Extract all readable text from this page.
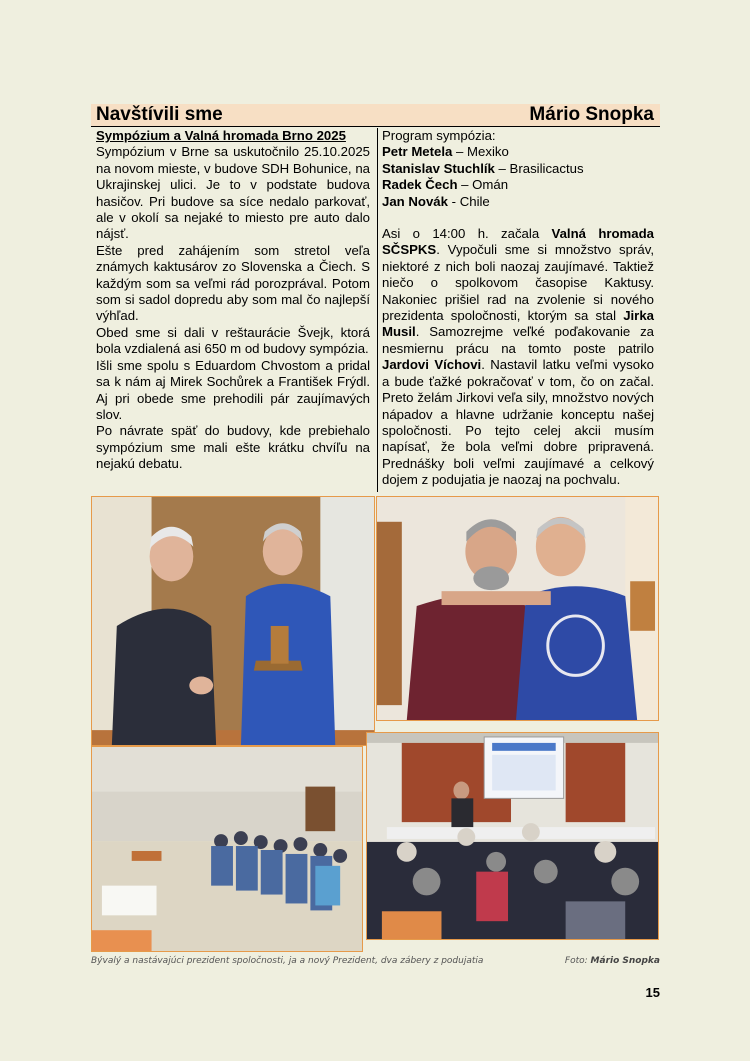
Navštívili sme	Mário Snopka

Sympózium a Valná hromada Brno 2025

Sympózium v Brne sa uskutočnilo 25.10.2025 na novom mieste, v budove SDH Bohunice, na Ukrajinskej ulici. Je to v podstate budova hasičov. Pri budove sa síce nedalo parkovať, ale v okolí sa nejaké to miesto pre auto dalo nájsť.

Ešte pred zahájením som stretol veľa známych kaktusárov zo Slovenska a Čiech. S každým som sa veľmi rád porozprával. Potom som si sadol dopredu aby som mal čo najlepší výhľad.

Obed sme si dali v reštaurácie Švejk, ktorá bola vzdialená asi 650 m od budovy sympózia.

Išli sme spolu s Eduardom Chvostom a pridal sa k nám aj Mirek Sochůrek a František Frýdl. Aj pri obede sme prehodili pár zaujímavých slov.

Po návrate späť do budovy, kde prebiehalo sympózium sme mali ešte krátku chvíľu na nejakú debatu.

Program sympózia:

Petr Metela – Mexiko

Stanislav Stuchlík – Brasilicactus

Radek Čech – Omán

Jan Novák - Chile

Asi o 14:00 h. začala Valná hromada SČSPKS. Vypočuli sme si množstvo správ, niektoré z nich boli naozaj zaujímavé. Taktiež niečo o spolkovom časopise Kaktusy. Nakoniec prišiel rad na zvolenie si nového prezidenta spoločnosti, ktorým sa stal Jirka Musil. Samozrejme veľké poďakovanie za nesmiernu prácu na tomto poste patrilo Jardovi Víchovi. Nastavil latku veľmi vysoko a bude ťažké pokračovať v tom, čo on začal. Preto želám Jirkovi veľa sily, množstvo nových nápadov a hlavne udržanie konceptu našej spoločnosti. Po tejto celej akcii musím napísať, že bola veľmi dobre pripravená. Prednášky boli veľmi zaujímavé a celkový dojem z podujatia je naozaj na pochvalu.

Bývalý a nastávajúci prezident spoločnosti, ja a nový Prezident, dva zábery z podujatia	Foto: Mário Snopka
15
